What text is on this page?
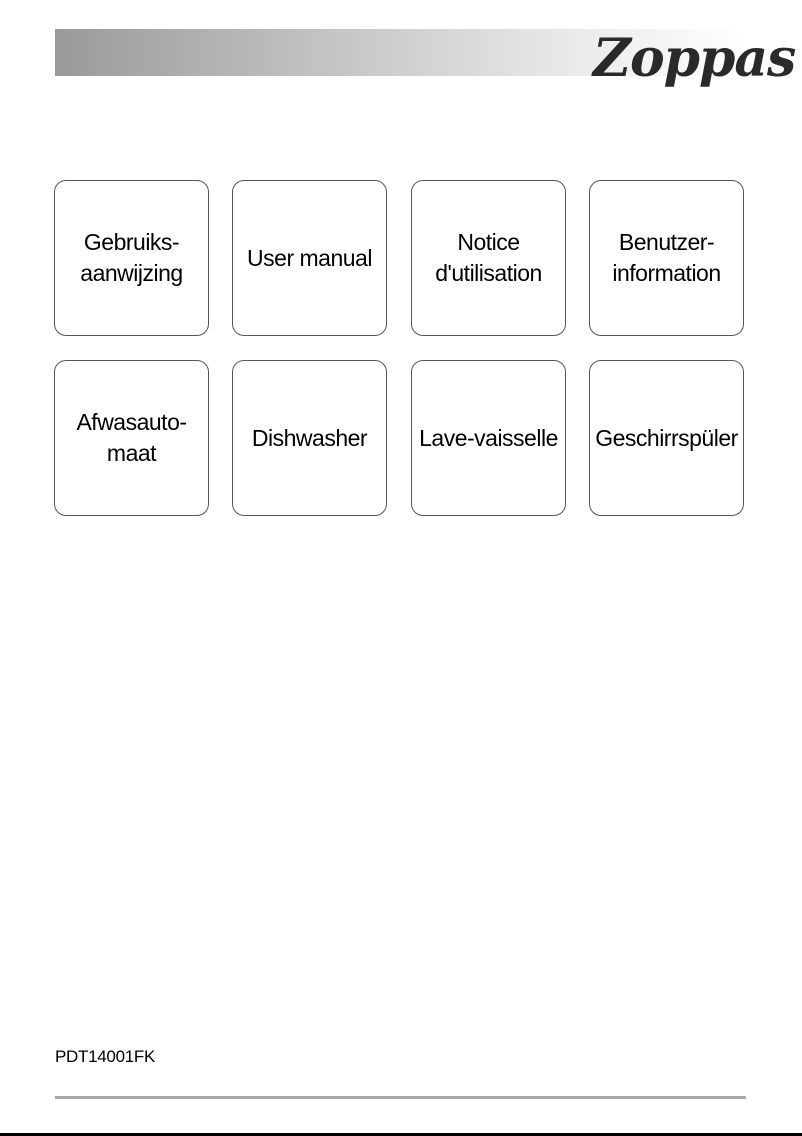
Zoppas
Gebruiks-
aanwijzing
User manual
Notice
d'utilisation
Benutzer-
information
Afwasauto-
maat
Dishwasher Lave-vaisselle Geschirrspüler
PDT14001FK
